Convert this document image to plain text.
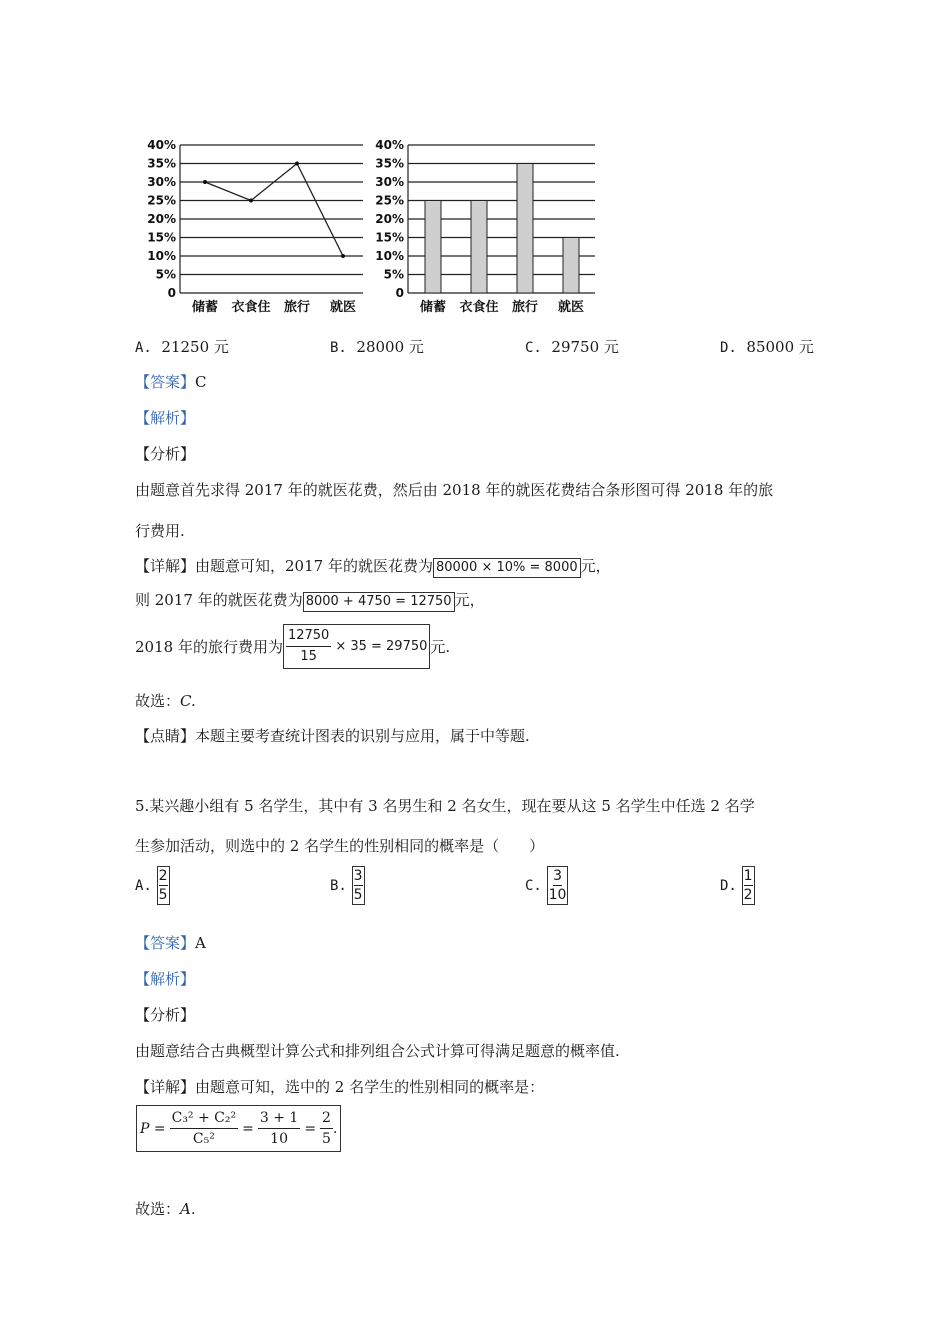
40%
35%
30%
25%
20%
15%
10%
5%
0
储蓄 衣食住 旅行 就医
40%
35%
30%
25%
20%
15%
10%
5%
0
储蓄 衣食住 旅行 就医
A. 21250 元	B. 28000 元	C. 29750 元	D. 85000 元
【答案】C
【解析】
【分析】
由题意首先求得 2017 年的就医花费，然后由 2018 年的就医花费结合条形图可得 2018 年的旅
行费用.
【详解】由题意可知，2017 年的就医花费为 80000 × 10% = 8000 元，
则 2017 年的就医花费为 8000 + 4750 = 12750 元，
2018 年的旅行费用为 $\frac{12750}{15} \times 35 = 29750$ 元.
故选：C.
【点睛】本题主要考查统计图表的识别与应用，属于中等题.
5.某兴趣小组有 5 名学生，其中有 3 名男生和 2 名女生，现在要从这 5 名学生中任选 2 名学
生参加活动，则选中的 2 名学生的性别相同的概率是（　　）
A.
$\frac{2}{5}$	B.
$\frac{3}{5}$	C.
$\frac{3}{10}$	D.
$\frac{1}{2}$
【答案】A
【解析】
【分析】
由题意结合古典概型计算公式和排列组合公式计算可得满足题意的概率值.
【详解】由题意可知，选中的 2 名学生的性别相同的概率是：
$P = \frac{\text{C₃² + C₂²}}{\text{C₅²}} = \frac{3 + 1}{10} = \frac{2}{5}$ .
故选：A.
